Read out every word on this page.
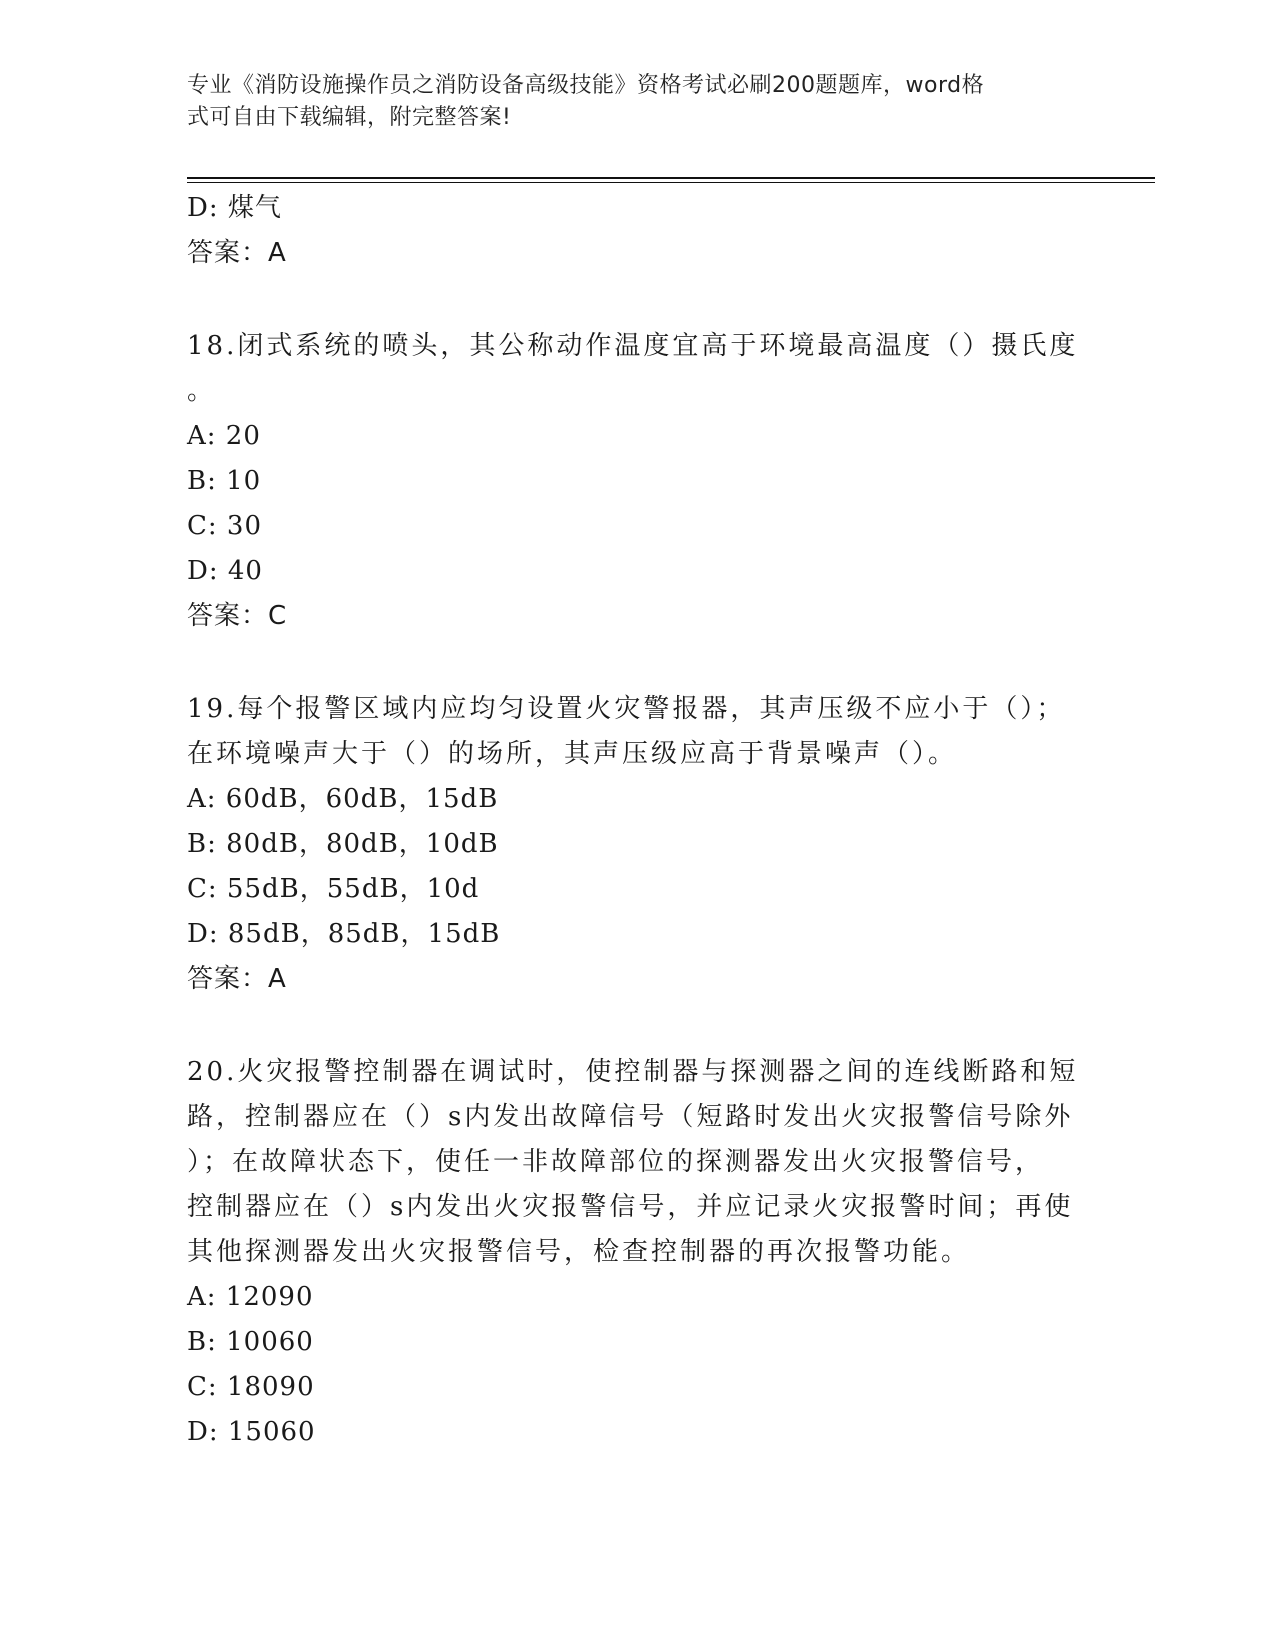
专业《消防设施操作员之消防设备高级技能》资格考试必刷200题题库，word格
式可自由下载编辑，附完整答案!
D: 煤气
答案：A
18.闭式系统的喷头，其公称动作温度宜高于环境最高温度（）摄氏度
。
A: 20
B: 10
C: 30
D: 40
答案：C
19.每个报警区域内应均匀设置火灾警报器，其声压级不应小于（）；
在环境噪声大于（）的场所，其声压级应高于背景噪声（）。
A: 60dB，60dB，15dB
B: 80dB，80dB，10dB
C: 55dB，55dB，10d
D: 85dB，85dB，15dB
答案：A
20.火灾报警控制器在调试时，使控制器与探测器之间的连线断路和短
路，控制器应在（）s内发出故障信号（短路时发出火灾报警信号除外
）；在故障状态下，使任一非故障部位的探测器发出火灾报警信号，
控制器应在（）s内发出火灾报警信号，并应记录火灾报警时间；再使
其他探测器发出火灾报警信号，检查控制器的再次报警功能。
A: 12090
B: 10060
C: 18090
D: 15060
